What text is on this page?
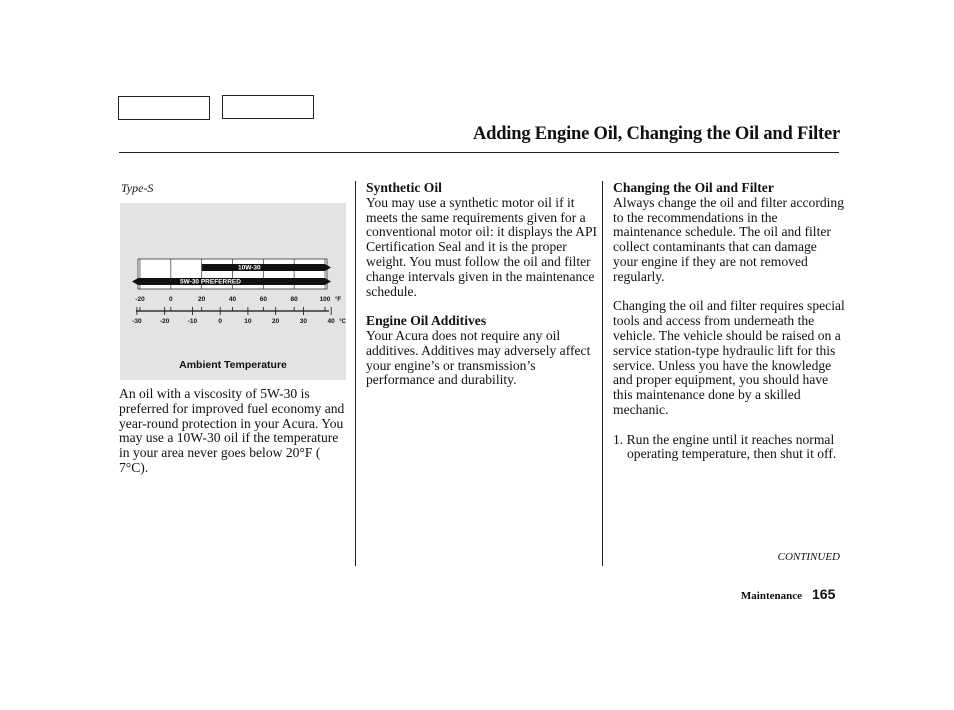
Adding Engine Oil, Changing the Oil and Filter
Type-S
10W-30
5W-30 PREFERRED
-20	0	20	40	60	80	100 °F
-30	-20	-10	0	10	20	30	40 °C
Ambient Temperature

An oil with a viscosity of 5W-30 is preferred for improved fuel economy and year-round protection in your Acura. You may use a 10W-30 oil if the temperature in your area never goes below 20°F ( 7°C).

Synthetic Oil

You may use a synthetic motor oil if it meets the same requirements given for a conventional motor oil: it displays the API Certification Seal and it is the proper weight. You must follow the oil and filter change intervals given in the maintenance schedule.

Engine Oil Additives

Your Acura does not require any oil additives. Additives may adversely affect your engine’s or transmission’s performance and durability.

Changing the Oil and Filter

Always change the oil and filter according to the recommendations in the maintenance schedule. The oil and filter collect contaminants that can damage your engine if they are not removed regularly.

Changing the oil and filter requires special tools and access from underneath the vehicle. The vehicle should be raised on a service station-type hydraulic lift for this service. Unless you have the knowledge and proper equipment, you should have this maintenance done by a skilled mechanic.

1. Run the engine until it reaches normal operating temperature, then shut it off.

CONTINUED
Maintenance 165
